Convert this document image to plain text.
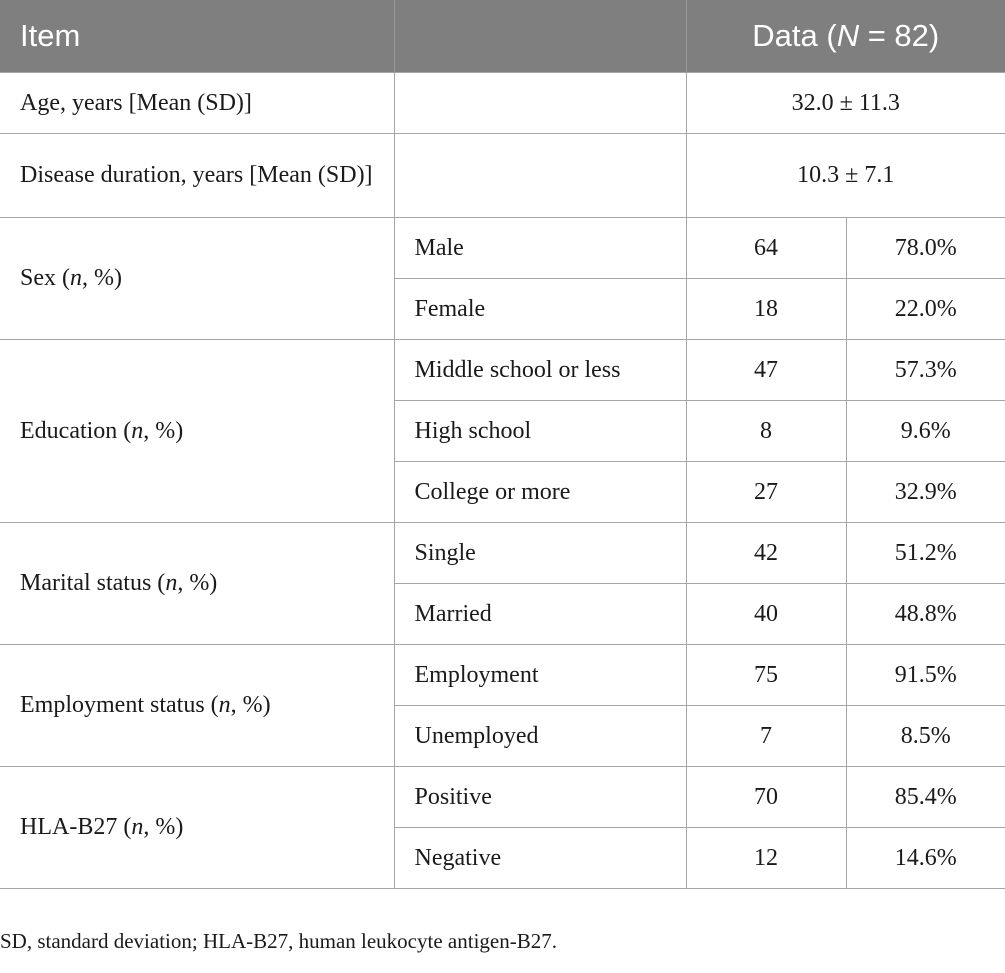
Item		Data (N = 82)	
Age, years [Mean (SD)]		32.0 ± 11.3	
Disease duration, years [Mean (SD)]		10.3 ± 7.1	
Sex (n, %)	Male	64	78.0%
	Female	18	22.0%
Education (n, %)	Middle school or less	47	57.3%
	High school	8	9.6%
	College or more	27	32.9%
Marital status (n, %)	Single	42	51.2%
	Married	40	48.8%
Employment status (n, %)	Employment	75	91.5%
	Unemployed	7	8.5%
HLA-B27 (n, %)	Positive	70	85.4%
	Negative	12	14.6%
SD, standard deviation; HLA-B27, human leukocyte antigen-B27.
